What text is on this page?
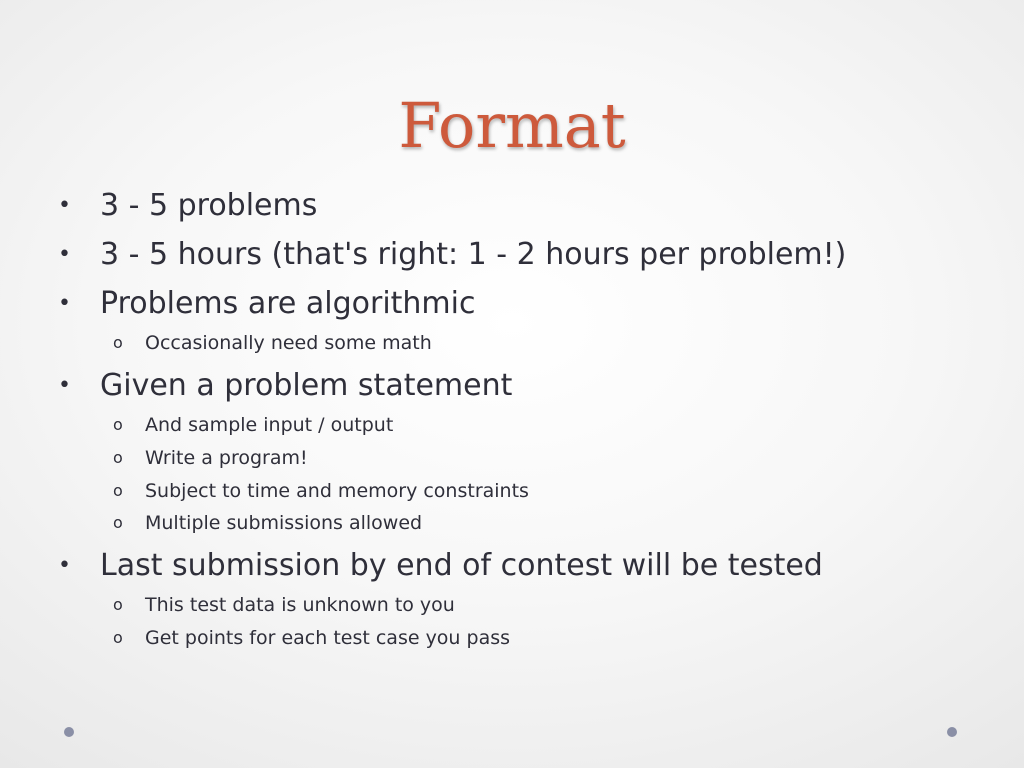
Format
• 3 - 5 problems
• 3 - 5 hours (that's right: 1 - 2 hours per problem!)
• Problems are algorithmic
o Occasionally need some math
• Given a problem statement
o And sample input / output
o Write a program!
o Subject to time and memory constraints
o Multiple submissions allowed
• Last submission by end of contest will be tested
o This test data is unknown to you
o Get points for each test case you pass
